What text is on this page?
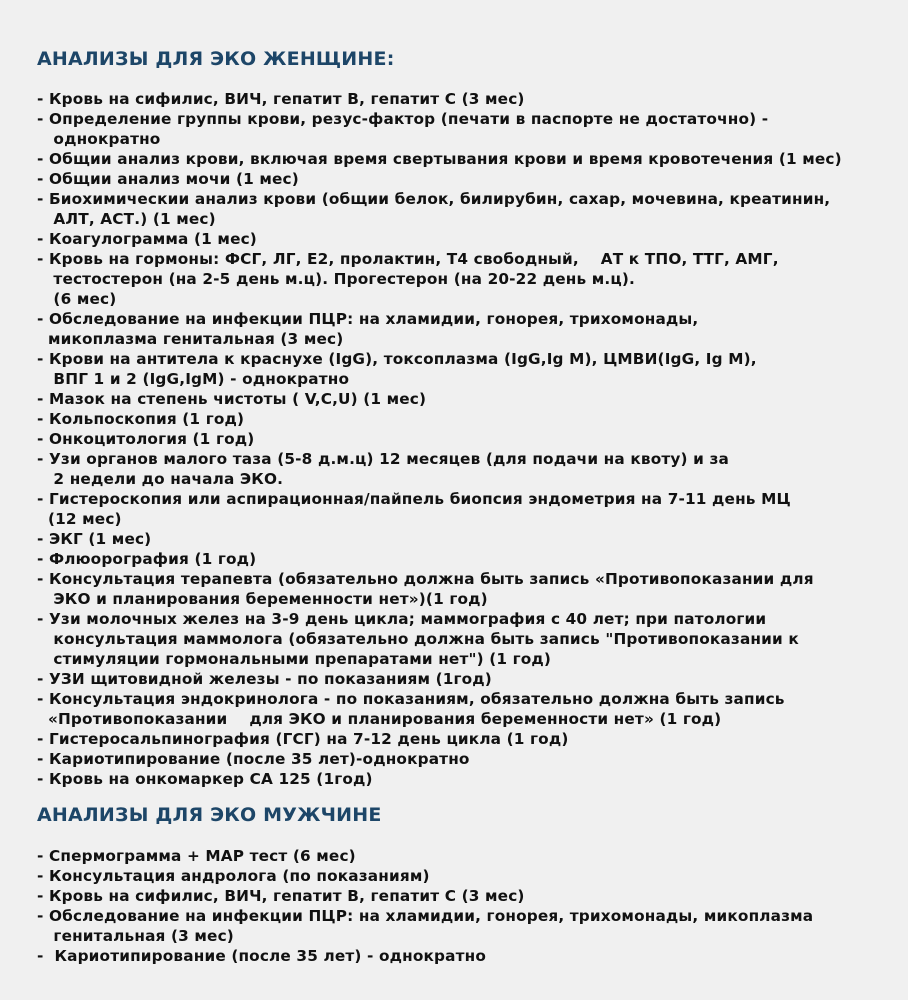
АНАЛИЗЫ ДЛЯ ЭКО ЖЕНЩИНЕ:
- Кровь на сифилис, ВИЧ, гепатит В, гепатит С (3 мес)
- Определение группы крови, резус-фактор (печати в паспорте не достаточно) -
однократно
- Общии анализ крови, включая время свертывания крови и время кровотечения (1 мес)
- Общии анализ мочи (1 мес)
- Биохимическии анализ крови (общии белок, билирубин, сахар, мочевина, креатинин,
АЛТ, АСТ.) (1 мес)
- Коагулограмма (1 мес)
- Кровь на гормоны: ФСГ, ЛГ, Е2, пролактин, Т4 свободный,    АТ к ТПО, ТТГ, АМГ,
тестостерон (на 2-5 день м.ц). Прогестерон (на 20-22 день м.ц).
(6 мес)
- Обследование на инфекции ПЦР: на хламидии, гонорея, трихомонады,
микоплазма генитальная (3 мес)
- Крови на антитела к краснухе (IgG), токсоплазма (IgG,Ig M), ЦМВИ(IgG, Ig M),
ВПГ 1 и 2 (IgG,IgM) - однократно
- Мазок на степень чистоты ( V,C,U) (1 мес)
- Кольпоскопия (1 год)
- Онкоцитология (1 год)
- Узи органов малого таза (5-8 д.м.ц) 12 месяцев (для подачи на квоту) и за
2 недели до начала ЭКО.
- Гистероскопия или аспирационная/пайпель биопсия эндометрия на 7-11 день МЦ
(12 мес)
- ЭКГ (1 мес)
- Флюорография (1 год)
- Консультация терапевта (обязательно должна быть запись «Противопоказании для
ЭКО и планирования беременности нет»)(1 год)
- Узи молочных желез на 3-9 день цикла; маммография с 40 лет; при патологии
консультация маммолога (обязательно должна быть запись "Противопоказании к
стимуляции гормональными препаратами нет") (1 год)
- УЗИ щитовидной железы - по показаниям (1год)
- Консультация эндокринолога - по показаниям, обязательно должна быть запись
«Противопоказании    для ЭКО и планирования беременности нет» (1 год)
- Гистеросальпинография (ГСГ) на 7-12 день цикла (1 год)
- Кариотипирование (после 35 лет)-однократно
- Кровь на онкомаркер СА 125 (1год)
АНАЛИЗЫ ДЛЯ ЭКО МУЖЧИНЕ
- Спермограмма + МАР тест (6 мес)
- Консультация андролога (по показаниям)
- Кровь на сифилис, ВИЧ, гепатит В, гепатит С (3 мес)
- Обследование на инфекции ПЦР: на хламидии, гонорея, трихомонады, микоплазма
генитальная (3 мес)
-  Кариотипирование (после 35 лет) - однократно
